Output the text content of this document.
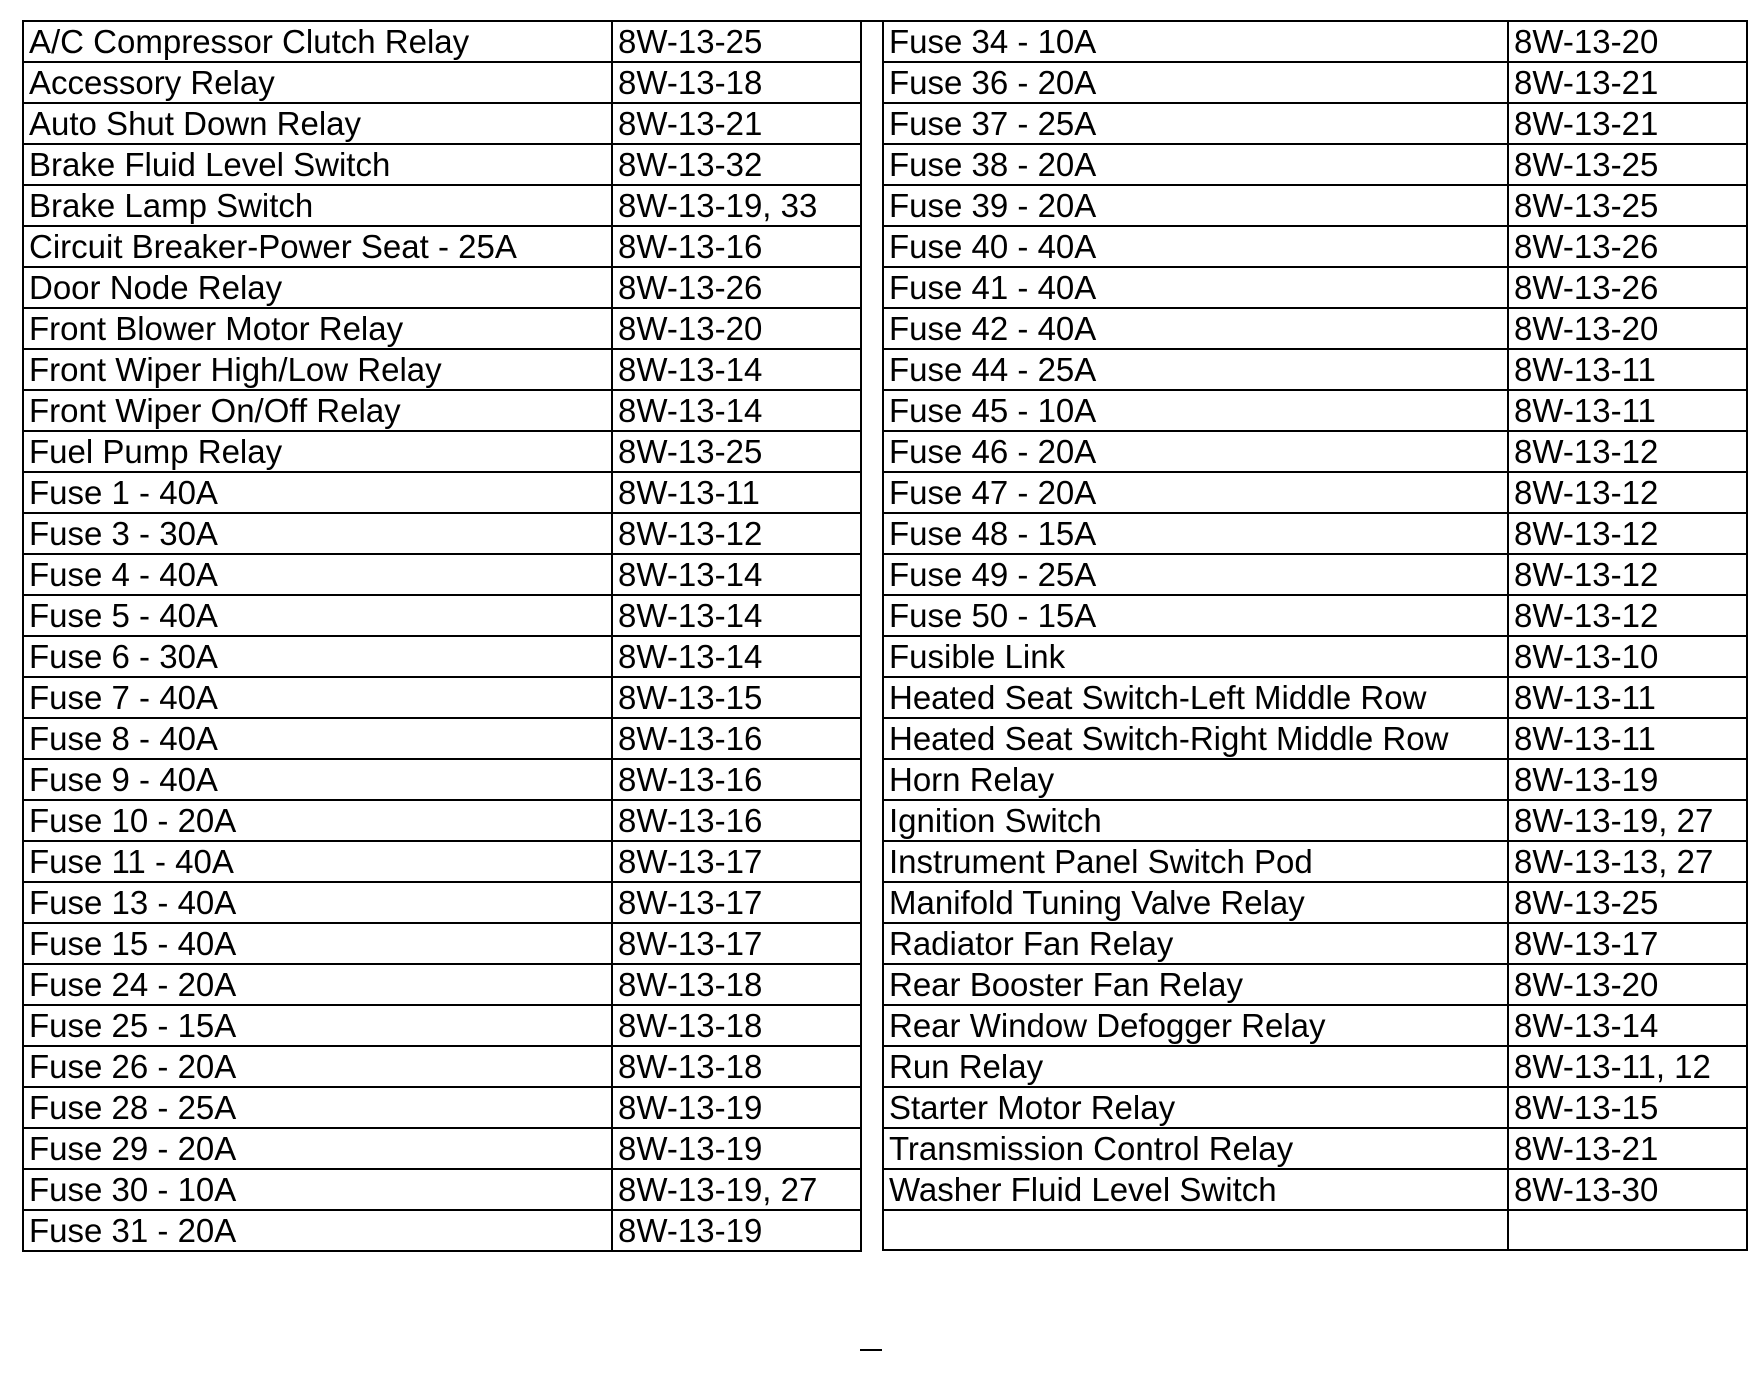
A/C Compressor Clutch Relay	8W-13-25
Accessory Relay	8W-13-18
Auto Shut Down Relay	8W-13-21
Brake Fluid Level Switch	8W-13-32
Brake Lamp Switch	8W-13-19, 33
Circuit Breaker-Power Seat - 25A	8W-13-16
Door Node Relay	8W-13-26
Front Blower Motor Relay	8W-13-20
Front Wiper High/Low Relay	8W-13-14
Front Wiper On/Off Relay	8W-13-14
Fuel Pump Relay	8W-13-25
Fuse 1 - 40A	8W-13-11
Fuse 3 - 30A	8W-13-12
Fuse 4 - 40A	8W-13-14
Fuse 5 - 40A	8W-13-14
Fuse 6 - 30A	8W-13-14
Fuse 7 - 40A	8W-13-15
Fuse 8 - 40A	8W-13-16
Fuse 9 - 40A	8W-13-16
Fuse 10 - 20A	8W-13-16
Fuse 11 - 40A	8W-13-17
Fuse 13 - 40A	8W-13-17
Fuse 15 - 40A	8W-13-17
Fuse 24 - 20A	8W-13-18
Fuse 25 - 15A	8W-13-18
Fuse 26 - 20A	8W-13-18
Fuse 28 - 25A	8W-13-19
Fuse 29 - 20A	8W-13-19
Fuse 30 - 10A	8W-13-19, 27
Fuse 31 - 20A	8W-13-19
Fuse 34 - 10A	8W-13-20
Fuse 36 - 20A	8W-13-21
Fuse 37 - 25A	8W-13-21
Fuse 38 - 20A	8W-13-25
Fuse 39 - 20A	8W-13-25
Fuse 40 - 40A	8W-13-26
Fuse 41 - 40A	8W-13-26
Fuse 42 - 40A	8W-13-20
Fuse 44 - 25A	8W-13-11
Fuse 45 - 10A	8W-13-11
Fuse 46 - 20A	8W-13-12
Fuse 47 - 20A	8W-13-12
Fuse 48 - 15A	8W-13-12
Fuse 49 - 25A	8W-13-12
Fuse 50 - 15A	8W-13-12
Fusible Link	8W-13-10
Heated Seat Switch-Left Middle Row	8W-13-11
Heated Seat Switch-Right Middle Row	8W-13-11
Horn Relay	8W-13-19
Ignition Switch	8W-13-19, 27
Instrument Panel Switch Pod	8W-13-13, 27
Manifold Tuning Valve Relay	8W-13-25
Radiator Fan Relay	8W-13-17
Rear Booster Fan Relay	8W-13-20
Rear Window Defogger Relay	8W-13-14
Run Relay	8W-13-11, 12
Starter Motor Relay	8W-13-15
Transmission Control Relay	8W-13-21
Washer Fluid Level Switch	8W-13-30
